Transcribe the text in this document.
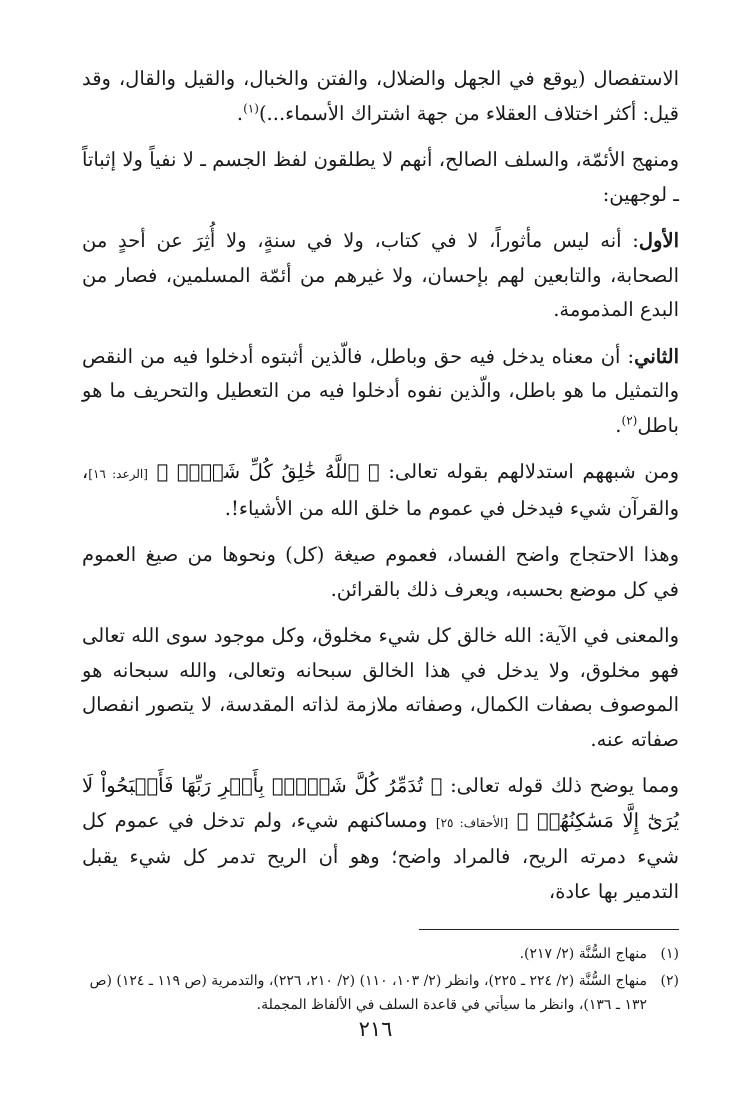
الاستفصال (يوقع في الجهل والضلال، والفتن والخبال، والقيل والقال، وقد قيل: أكثر اختلاف العقلاء من جهة اشتراك الأسماء...)$^{(١)}$.

ومنهج الأئمّة، والسلف الصالح، أنهم لا يطلقون لفظ الجسم ـ لا نفياً ولا إثباتاً ـ لوجهين:

الأول: أنه ليس مأثوراً، لا في كتاب، ولا في سنةٍ، ولا أُثِرَ عن أحدٍ من الصحابة، والتابعين لهم بإحسان، ولا غيرهم من أئمّة المسلمين، فصار من البدع المذمومة.

الثاني: أن معناه يدخل فيه حق وباطل، فالّذين أثبتوه أدخلوا فيه من النقص والتمثيل ما هو باطل، والّذين نفوه أدخلوا فيه من التعطيل والتحريف ما هو باطل$^{(٢)}$.

ومن شبههم استدلالهم بقوله تعالى: ﴿ ٱللَّهُ خَٰلِقُ كُلِّ شَيۡءٖ ﴾ [الرعد: ١٦]، والقرآن شيء فيدخل في عموم ما خلق الله من الأشياء!.

وهذا الاحتجاج واضح الفساد، فعموم صيغة (كل) ونحوها من صيغ العموم في كل موضع بحسبه، ويعرف ذلك بالقرائن.

والمعنى في الآية: الله خالق كل شيء مخلوق، وكل موجود سوى الله تعالى فهو مخلوق، ولا يدخل في هذا الخالق سبحانه وتعالى، والله سبحانه هو الموصوف بصفات الكمال، وصفاته ملازمة لذاته المقدسة، لا يتصور انفصال صفاته عنه.

ومما يوضح ذلك قوله تعالى: ﴿ تُدَمِّرُ كُلَّ شَيۡءِۭ بِأَمۡرِ رَبِّهَا فَأَصۡبَحُواْ لَا يُرَىٰٓ إِلَّا مَسَٰكِنُهُمۡ ﴾ [الأحقاف: ٢٥] ومساكنهم شيء، ولم تدخل في عموم كل شيء دمرته الريح، فالمراد واضح؛ وهو أن الريح تدمر كل شيء يقبل التدمير بها عادة،

(١)
منهاج السُّنَّة (٢/ ٢١٧).
(٢)
منهاج السُّنَّة (٢/ ٢٢٤ ـ ٢٢٥)، وانظر (٢/ ١٠٣، ١١٠) (٢/ ٢١٠، ٢٢٦)، والتدمرية (ص ١١٩ ـ ١٢٤) (ص ١٣٢ ـ ١٣٦)، وانظر ما سيأتي في قاعدة السلف في الألفاظ المجملة.
٢١٦
